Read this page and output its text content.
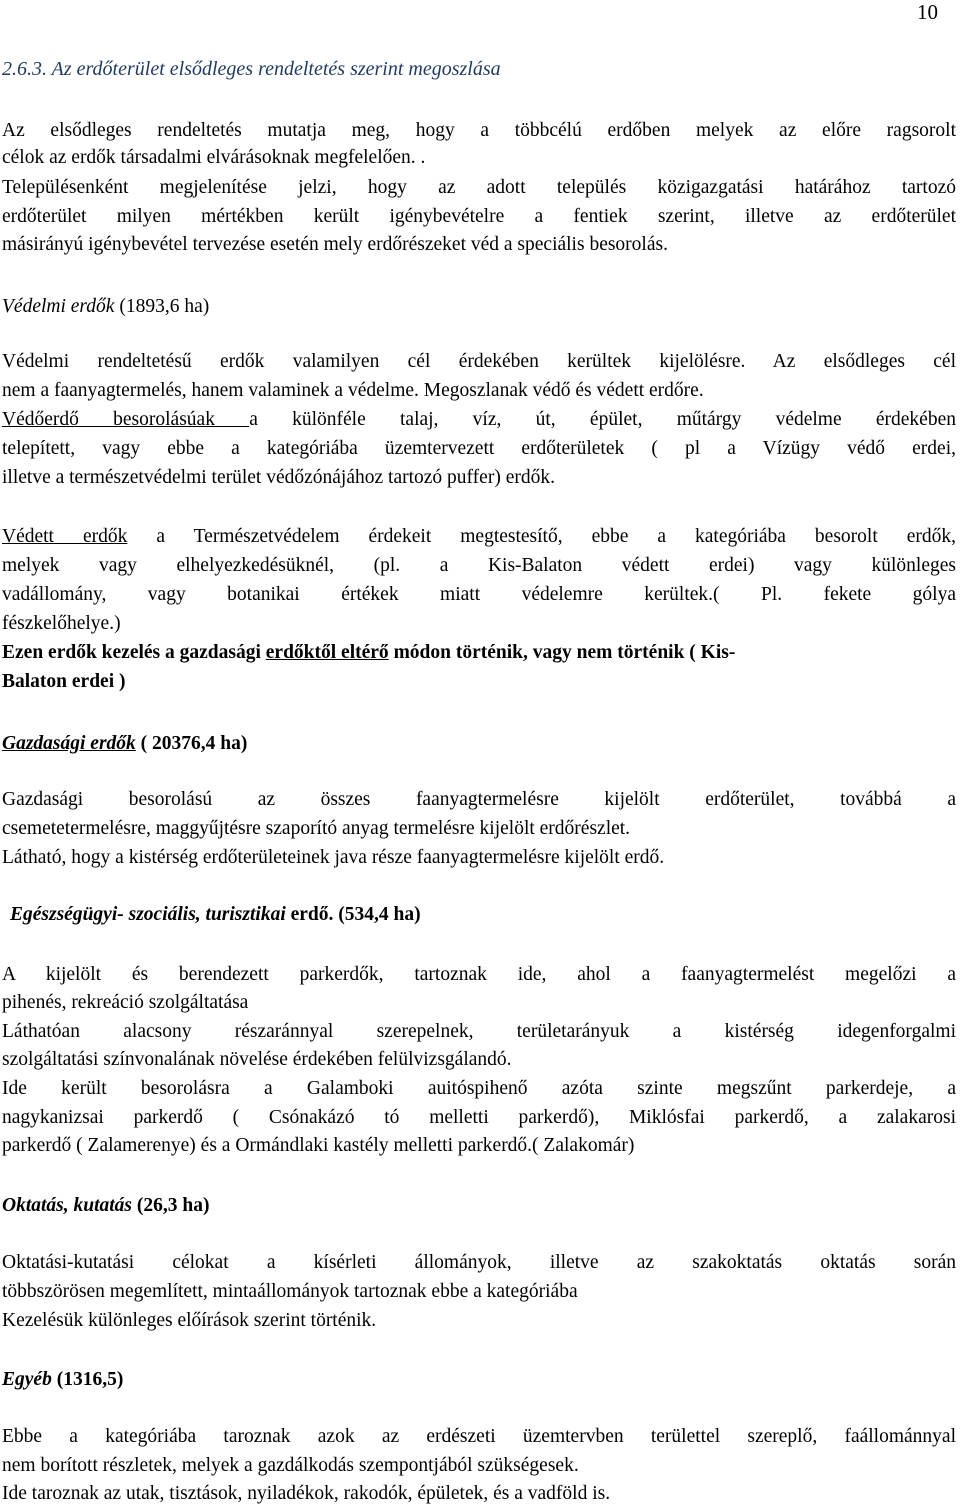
10
2.6.3. Az erdőterület elsődleges rendeltetés szerint megoszlása
Az elsődleges rendeltetés mutatja meg, hogy a többcélú erdőben melyek az előre ragsorolt
célok az erdők társadalmi elvárásoknak megfelelően. .
Településenként megjelenítése jelzi, hogy az adott település közigazgatási határához tartozó
erdőterület milyen mértékben került igénybevételre a fentiek szerint, illetve az erdőterület
másirányú igénybevétel tervezése esetén mely erdőrészeket véd a speciális besorolás.
Védelmi erdők (1893,6 ha)
Védelmi rendeltetésű erdők valamilyen cél érdekében kerültek kijelölésre. Az elsődleges cél
nem a faanyagtermelés, hanem valaminek a védelme. Megoszlanak védő és védett erdőre.
Védőerdő besorolásúak a különféle talaj, víz, út, épület, műtárgy védelme érdekében
telepített, vagy ebbe a kategóriába üzemtervezett erdőterületek ( pl a Vízügy védő erdei,
illetve a természetvédelmi terület védőzónájához tartozó puffer) erdők.
Védett erdők a Természetvédelem érdekeit megtestesítő, ebbe a kategóriába besorolt erdők,
melyek vagy elhelyezkedésüknél, (pl. a Kis-Balaton védett erdei) vagy különleges
vadállomány, vagy botanikai értékek miatt védelemre kerültek.( Pl. fekete gólya
fészkelőhelye.)
Ezen erdők kezelés a gazdasági erdőktől eltérő módon történik, vagy nem történik ( Kis-
Balaton erdei )
Gazdasági erdők ( 20376,4 ha)
Gazdasági besorolású az összes faanyagtermelésre kijelölt erdőterület, továbbá a
csemetetermelésre, maggyűjtésre szaporító anyag termelésre kijelölt erdőrészlet.
Látható, hogy a kistérség erdőterületeinek java része faanyagtermelésre kijelölt erdő.
Egészségügyi- szociális, turisztikai erdő. (534,4 ha)
A kijelölt és berendezett parkerdők, tartoznak ide, ahol a faanyagtermelést megelőzi a
pihenés, rekreáció szolgáltatása
Láthatóan alacsony részaránnyal szerepelnek, területarányuk a kistérség idegenforgalmi
szolgáltatási színvonalának növelése érdekében felülvizsgálandó.
Ide került besorolásra a Galamboki auitóspihenő azóta szinte megszűnt parkerdeje, a
nagykanizsai parkerdő ( Csónakázó tó melletti parkerdő), Miklósfai parkerdő, a zalakarosi
parkerdő ( Zalamerenye) és a Ormándlaki kastély melletti parkerdő.( Zalakomár)
Oktatás, kutatás (26,3 ha)
Oktatási-kutatási célokat a kísérleti állományok, illetve az szakoktatás oktatás során
többszörösen megemlített, mintaállományok tartoznak ebbe a kategóriába
Kezelésük különleges előírások szerint történik.
Egyéb (1316,5)
Ebbe a kategóriába taroznak azok az erdészeti üzemtervben területtel szereplő, faállománnyal
nem borított részletek, melyek a gazdálkodás szempontjából szükségesek.
Ide taroznak az utak, tisztások, nyiladékok, rakodók, épületek, és a vadföld is.
